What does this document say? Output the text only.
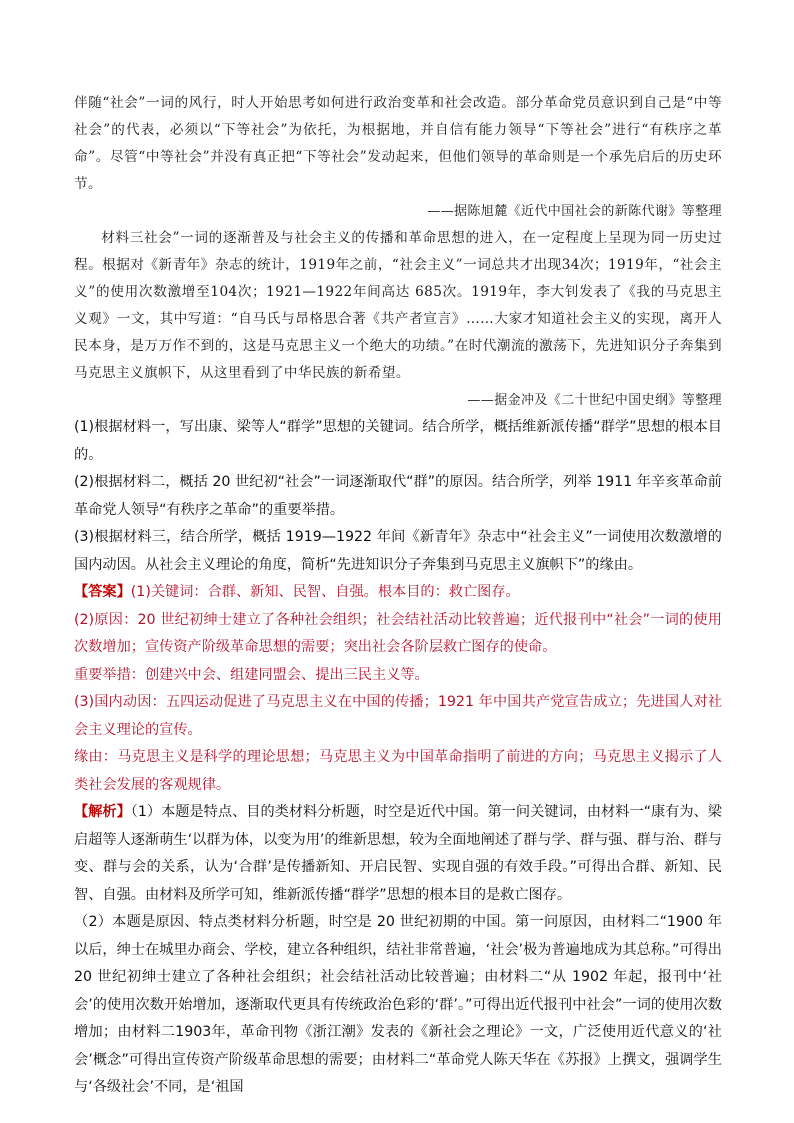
伴随“社会”一词的风行，时人开始思考如何进行政治变革和社会改造。部分革命党员意识到自己是“中等社会”的代表，必须以“下等社会”为依托，为根据地，并自信有能力领导“下等社会”进行“有秩序之革命”。尽管“中等社会”并没有真正把“下等社会”发动起来，但他们领导的革命则是一个承先启后的历史环节。

——据陈旭麓《近代中国社会的新陈代谢》等整理

材料三社会”一词的逐渐普及与社会主义的传播和革命思想的进入，在一定程度上呈现为同一历史过程。根据对《新青年》杂志的统计，1919年之前，“社会主义”一词总共才出现34次；1919年，“社会主义”的使用次数激增至104次；1921—1922年间高达 685次。1919年，李大钊发表了《我的马克思主义观》一文，其中写道：“自马氏与昂格思合著《共产者宣言》……大家才知道社会主义的实现，离开人民本身，是万万作不到的，这是马克思主义一个绝大的功绩。”在时代潮流的激荡下，先进知识分子奔集到马克思主义旗帜下，从这里看到了中华民族的新希望。

——据金冲及《二十世纪中国史纲》等整理

(1)根据材料一，写出康、梁等人“群学”思想的关键词。结合所学，概括维新派传播“群学”思想的根本目的。

(2)根据材料二，概括 20 世纪初“社会”一词逐渐取代“群”的原因。结合所学，列举 1911 年辛亥革命前革命党人领导“有秩序之革命”的重要举措。

(3)根据材料三，结合所学，概括 1919—1922 年间《新青年》杂志中“社会主义”一词使用次数激增的国内动因。从社会主义理论的角度，简析“先进知识分子奔集到马克思主义旗帜下”的缘由。

【答案】(1)关键词：合群、新知、民智、自强。根本目的：救亡图存。

(2)原因：20 世纪初绅士建立了各种社会组织；社会结社活动比较普遍；近代报刊中“社会”一词的使用次数增加；宣传资产阶级革命思想的需要；突出社会各阶层救亡图存的使命。

重要举措：创建兴中会、组建同盟会、提出三民主义等。

(3)国内动因：五四运动促进了马克思主义在中国的传播；1921 年中国共产党宣告成立；先进国人对社会主义理论的宣传。

缘由：马克思主义是科学的理论思想；马克思主义为中国革命指明了前进的方向；马克思主义揭示了人类社会发展的客观规律。

【解析】（1）本题是特点、目的类材料分析题，时空是近代中国。第一问关键词，由材料一“康有为、梁启超等人逐渐萌生‘以群为体，以变为用’的维新思想，较为全面地阐述了群与学、群与强、群与治、群与变、群与会的关系，认为‘合群’是传播新知、开启民智、实现自强的有效手段。”可得出合群、新知、民智、自强。由材料及所学可知，维新派传播“群学”思想的根本目的是救亡图存。

（2）本题是原因、特点类材料分析题，时空是 20 世纪初期的中国。第一问原因，由材料二“1900 年以后，绅士在城里办商会、学校，建立各种组织，结社非常普遍，‘社会’极为普遍地成为其总称。”可得出 20 世纪初绅士建立了各种社会组织；社会结社活动比较普遍；由材料二“从 1902 年起，报刊中‘社会’的使用次数开始增加，逐渐取代更具有传统政治色彩的‘群’。”可得出近代报刊中社会”一词的使用次数增加；由材料二1903年，革命刊物《浙江潮》发表的《新社会之理论》一文，广泛使用近代意义的‘社会’概念”可得出宣传资产阶级革命思想的需要；由材料二“革命党人陈天华在《苏报》上撰文，强调学生与‘各级社会’不同，是‘祖国
